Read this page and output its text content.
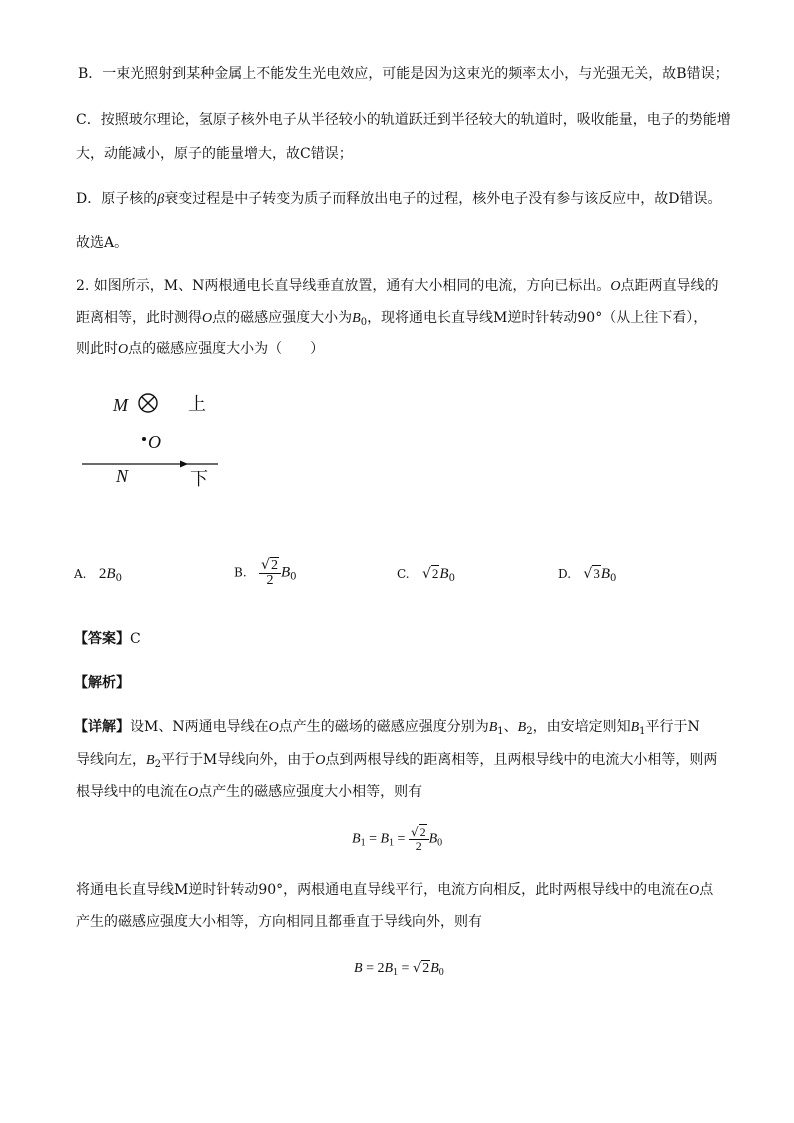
B．一束光照射到某种金属上不能发生光电效应，可能是因为这束光的频率太小，与光强无关，故B错误；
C．按照玻尔理论，氢原子核外电子从半径较小的轨道跃迁到半径较大的轨道时，吸收能量，电子的势能增
大，动能减小，原子的能量增大，故C错误；
D．原子核的β衰变过程是中子转变为质子而释放出电子的过程，核外电子没有参与该反应中，故D错误。
故选A。
2. 如图所示，M、N两根通电长直导线垂直放置，通有大小相同的电流，方向已标出。O点距两直导线的
距离相等，此时测得O点的磁感应强度大小为$B_0$，现将通电长直导线M逆时针转动90°（从上往下看），
则此时O点的磁感应强度大小为（　　）
M	上
O
N	下
A. $2B_0$	B. $\frac{√2}{2} B_0$	C. $√2B_0$	D. $√3B_0$
【答案】C
【解析】
【详解】设M、N两通电导线在O点产生的磁场的磁感应强度分别为$B_1$、$B_2$，由安培定则知$B_1$平行于N
导线向左，$B_2$平行于M导线向外，由于O点到两根导线的距离相等，且两根导线中的电流大小相等，则两
根导线中的电流在O点产生的磁感应强度大小相等，则有
$B_1 = B_1 = \frac{√2}{2} B_0$
将通电长直导线M逆时针转动90°，两根通电直导线平行，电流方向相反，此时两根导线中的电流在O点
产生的磁感应强度大小相等，方向相同且都垂直于导线向外，则有
$B = 2B_1 = √2B_0$
